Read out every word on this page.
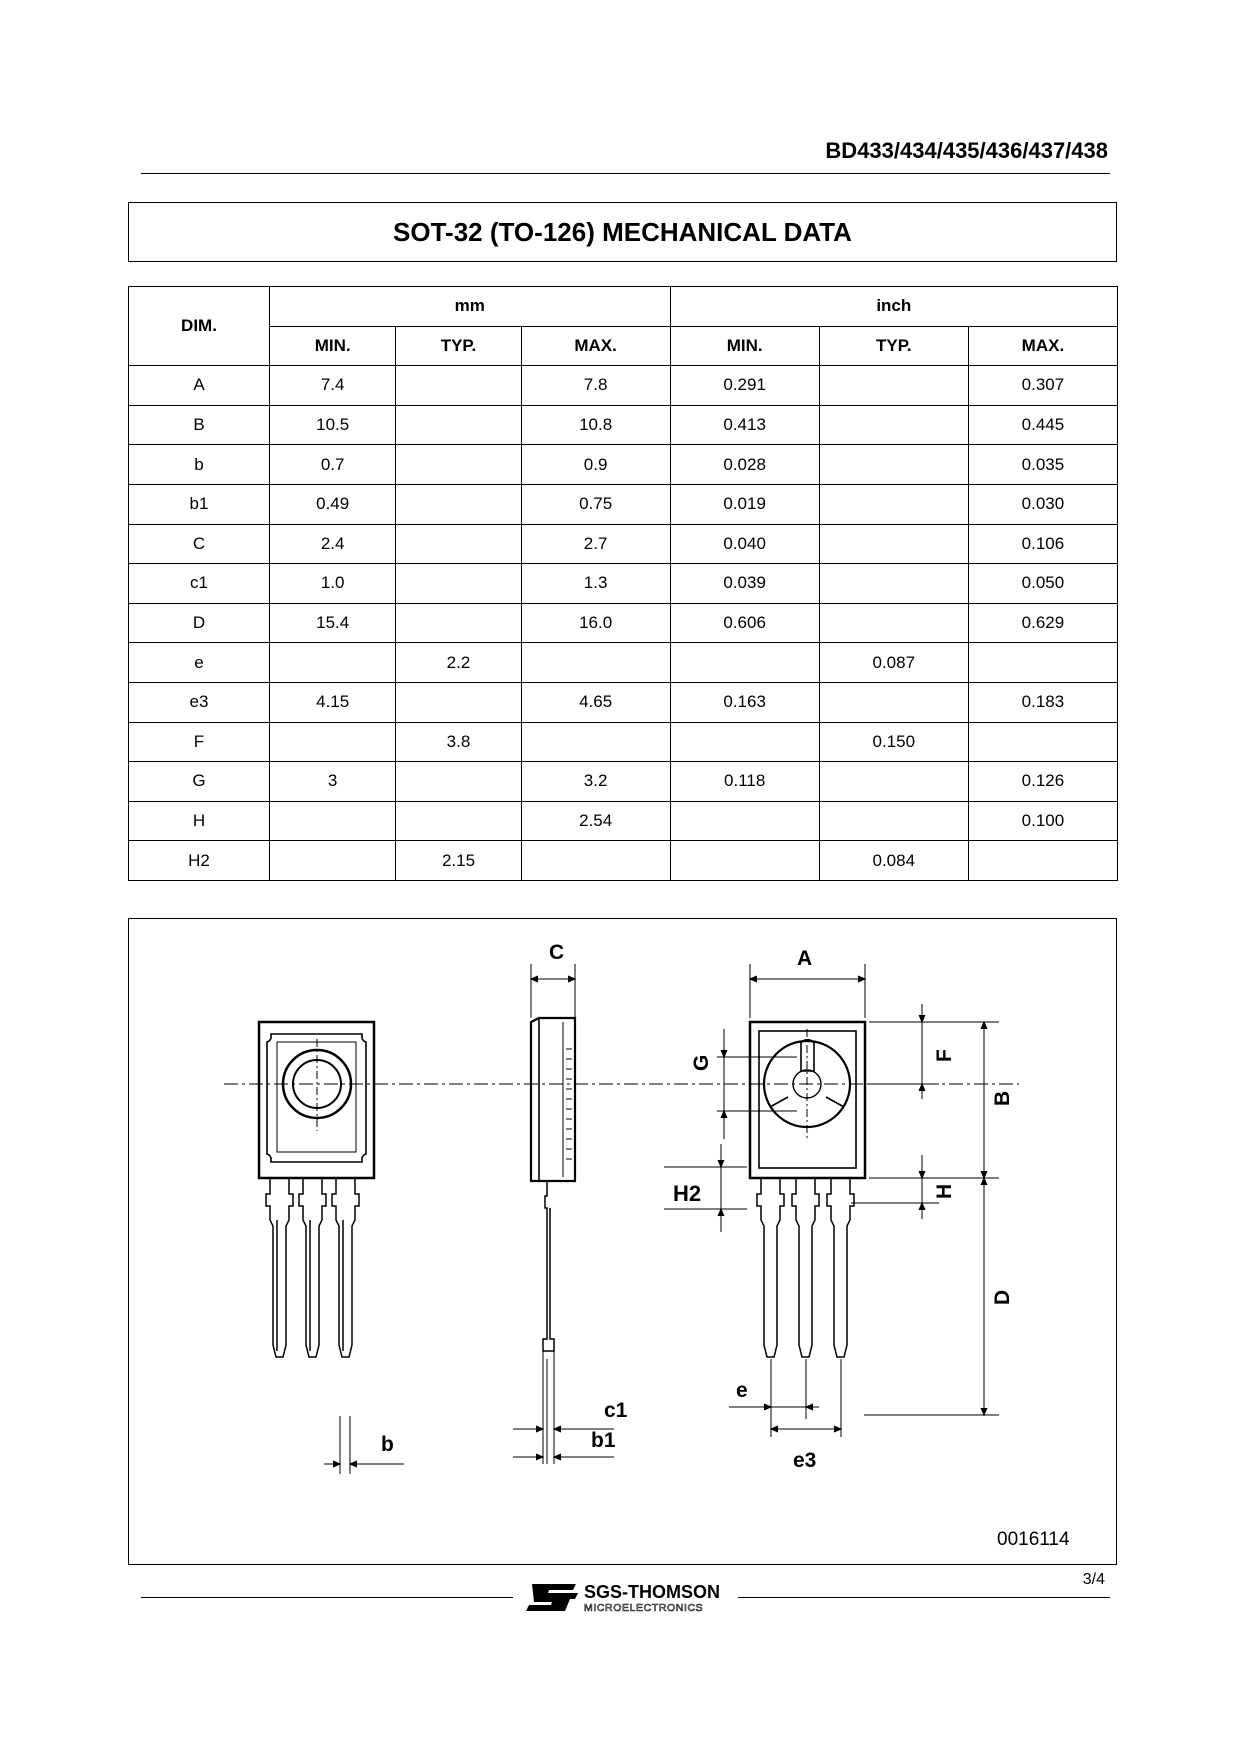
BD433/434/435/436/437/438
SOT-32 (TO-126) MECHANICAL DATA
DIM.	mm			inch		
	MIN.	TYP.	MAX.	MIN.	TYP.	MAX.
A	7.4		7.8	0.291		0.307
B	10.5		10.8	0.413		0.445
b	0.7		0.9	0.028		0.035
b1	0.49		0.75	0.019		0.030
C	2.4		2.7	0.040		0.106
c1	1.0		1.3	0.039		0.050
D	15.4		16.0	0.606		0.629
e		2.2			0.087	
e3	4.15		4.65	0.163		0.183
F		3.8			0.150	
G	3		3.2	0.118		0.126
H			2.54			0.100
H2		2.15			0.084	
C	A
G	F
B
H
H2
D
b
c1
b1
e
e3
0016114
3/4
SGS-THOMSON
MICROELECTRONICS
